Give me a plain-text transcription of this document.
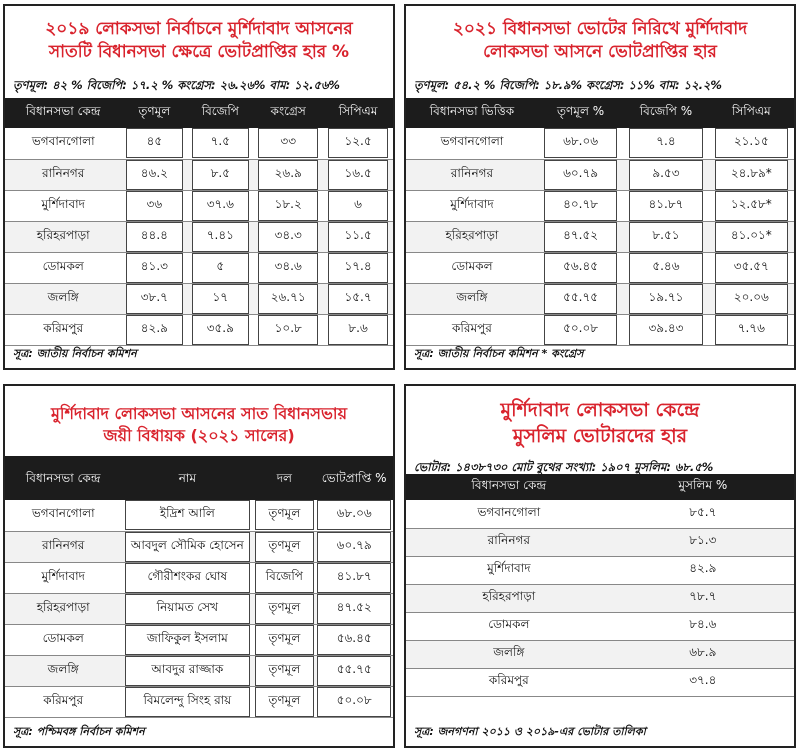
২০১৯ লোকসভা নির্বাচনে মুর্শিদাবাদ আসনের
সাতটি বিধানসভা ক্ষেত্রে ভোটপ্রাপ্তির হার %
তৃণমূল: ৪২ % বিজেপি: ১৭.২ % কংগ্রেস: ২৬.২৬% বাম: ১২.৫৬%
বিধানসভা কেন্দ্র	তৃণমূল	বিজেপি	কংগ্রেস	সিপিএম
ভগবানগোলা	৪৫	৭.৫	৩৩	১২.৫
রানিনগর	৪৬.২	৮.৫	২৬.৯	১৬.৫
মুর্শিদাবাদ	৩৬	৩৭.৬	১৮.২	৬
হরিহরপাড়া	৪৪.৪	৭.৪১	৩৪.৩	১১.৫
ডোমকল	৪১.৩	৫	৩৪.৬	১৭.৪
জলঙ্গি	৩৮.৭	১৭	২৬.৭১	১৫.৭
করিমপুর	৪২.৯	৩৫.৯	১০.৮	৮.৬
সূত্র: জাতীয় নির্বাচন কমিশন
২০২১ বিধানসভা ভোটের নিরিখে মুর্শিদাবাদ
লোকসভা আসনে ভোটপ্রাপ্তির হার
তৃণমূল: ৫৪.২ % বিজেপি: ১৮.৯% কংগ্রেস: ১১% বাম: ১২.২%
বিধানসভা ভিত্তিক	তৃণমূল %	বিজেপি %	সিপিএম
ভগবানগোলা	৬৮.০৬	৭.৪	২১.১৫
রানিনগর	৬০.৭৯	৯.৫৩	২৪.৮৯*
মুর্শিদাবাদ	৪০.৭৮	৪১.৮৭	১২.৫৮*
হরিহরপাড়া	৪৭.৫২	৮.৫১	৪১.০১*
ডোমকল	৫৬.৪৫	৫.৪৬	৩৫.৫৭
জলঙ্গি	৫৫.৭৫	১৯.৭১	২০.০৬
করিমপুর	৫০.০৮	৩৯.৪৩	৭.৭৬
সূত্র: জাতীয় নির্বাচন কমিশন * কংগ্রেস
মুর্শিদাবাদ লোকসভা আসনের সাত বিধানসভায়
জয়ী বিধায়ক (২০২১ সালের)
বিধানসভা কেন্দ্র	নাম	দল	ভোটপ্রাপ্তি %
ভগবানগোলা	ইদ্রিশ আলি	তৃণমূল	৬৮.০৬
রানিনগর	আবদুল সৌমিক হোসেন	তৃণমূল	৬০.৭৯
মুর্শিদাবাদ	গৌরীশংকর ঘোষ	বিজেপি	৪১.৮৭
হরিহরপাড়া	নিয়ামত সেখ	তৃণমূল	৪৭.৫২
ডোমকল	জাফিকুল ইসলাম	তৃণমূল	৫৬.৪৫
জলঙ্গি	আবদুর রাজ্জাক	তৃণমূল	৫৫.৭৫
করিমপুর	বিমলেন্দু সিংহ রায়	তৃণমূল	৫০.০৮
সূত্র: পশ্চিমবঙ্গ নির্বাচন কমিশন
মুর্শিদাবাদ লোকসভা কেন্দ্রে
মুসলিম ভোটারদের হার
ভোটার: ১৪৩৮৭৩০ মোট বুথের সংখ্যা: ১৯০৭ মুসলিম: ৬৮.৫%
বিধানসভা কেন্দ্র	মুসলিম %
ভগবানগোলা	৮৫.৭
রানিনগর	৮১.৩
মুর্শিদাবাদ	৪২.৯
হরিহরপাড়া	৭৮.৭
ডোমকল	৮৪.৬
জলঙ্গি	৬৮.৯
করিমপুর	৩৭.৪
সূত্র: জনগণনা ২০১১ ও ২০১৯-এর ভোটার তালিকা
